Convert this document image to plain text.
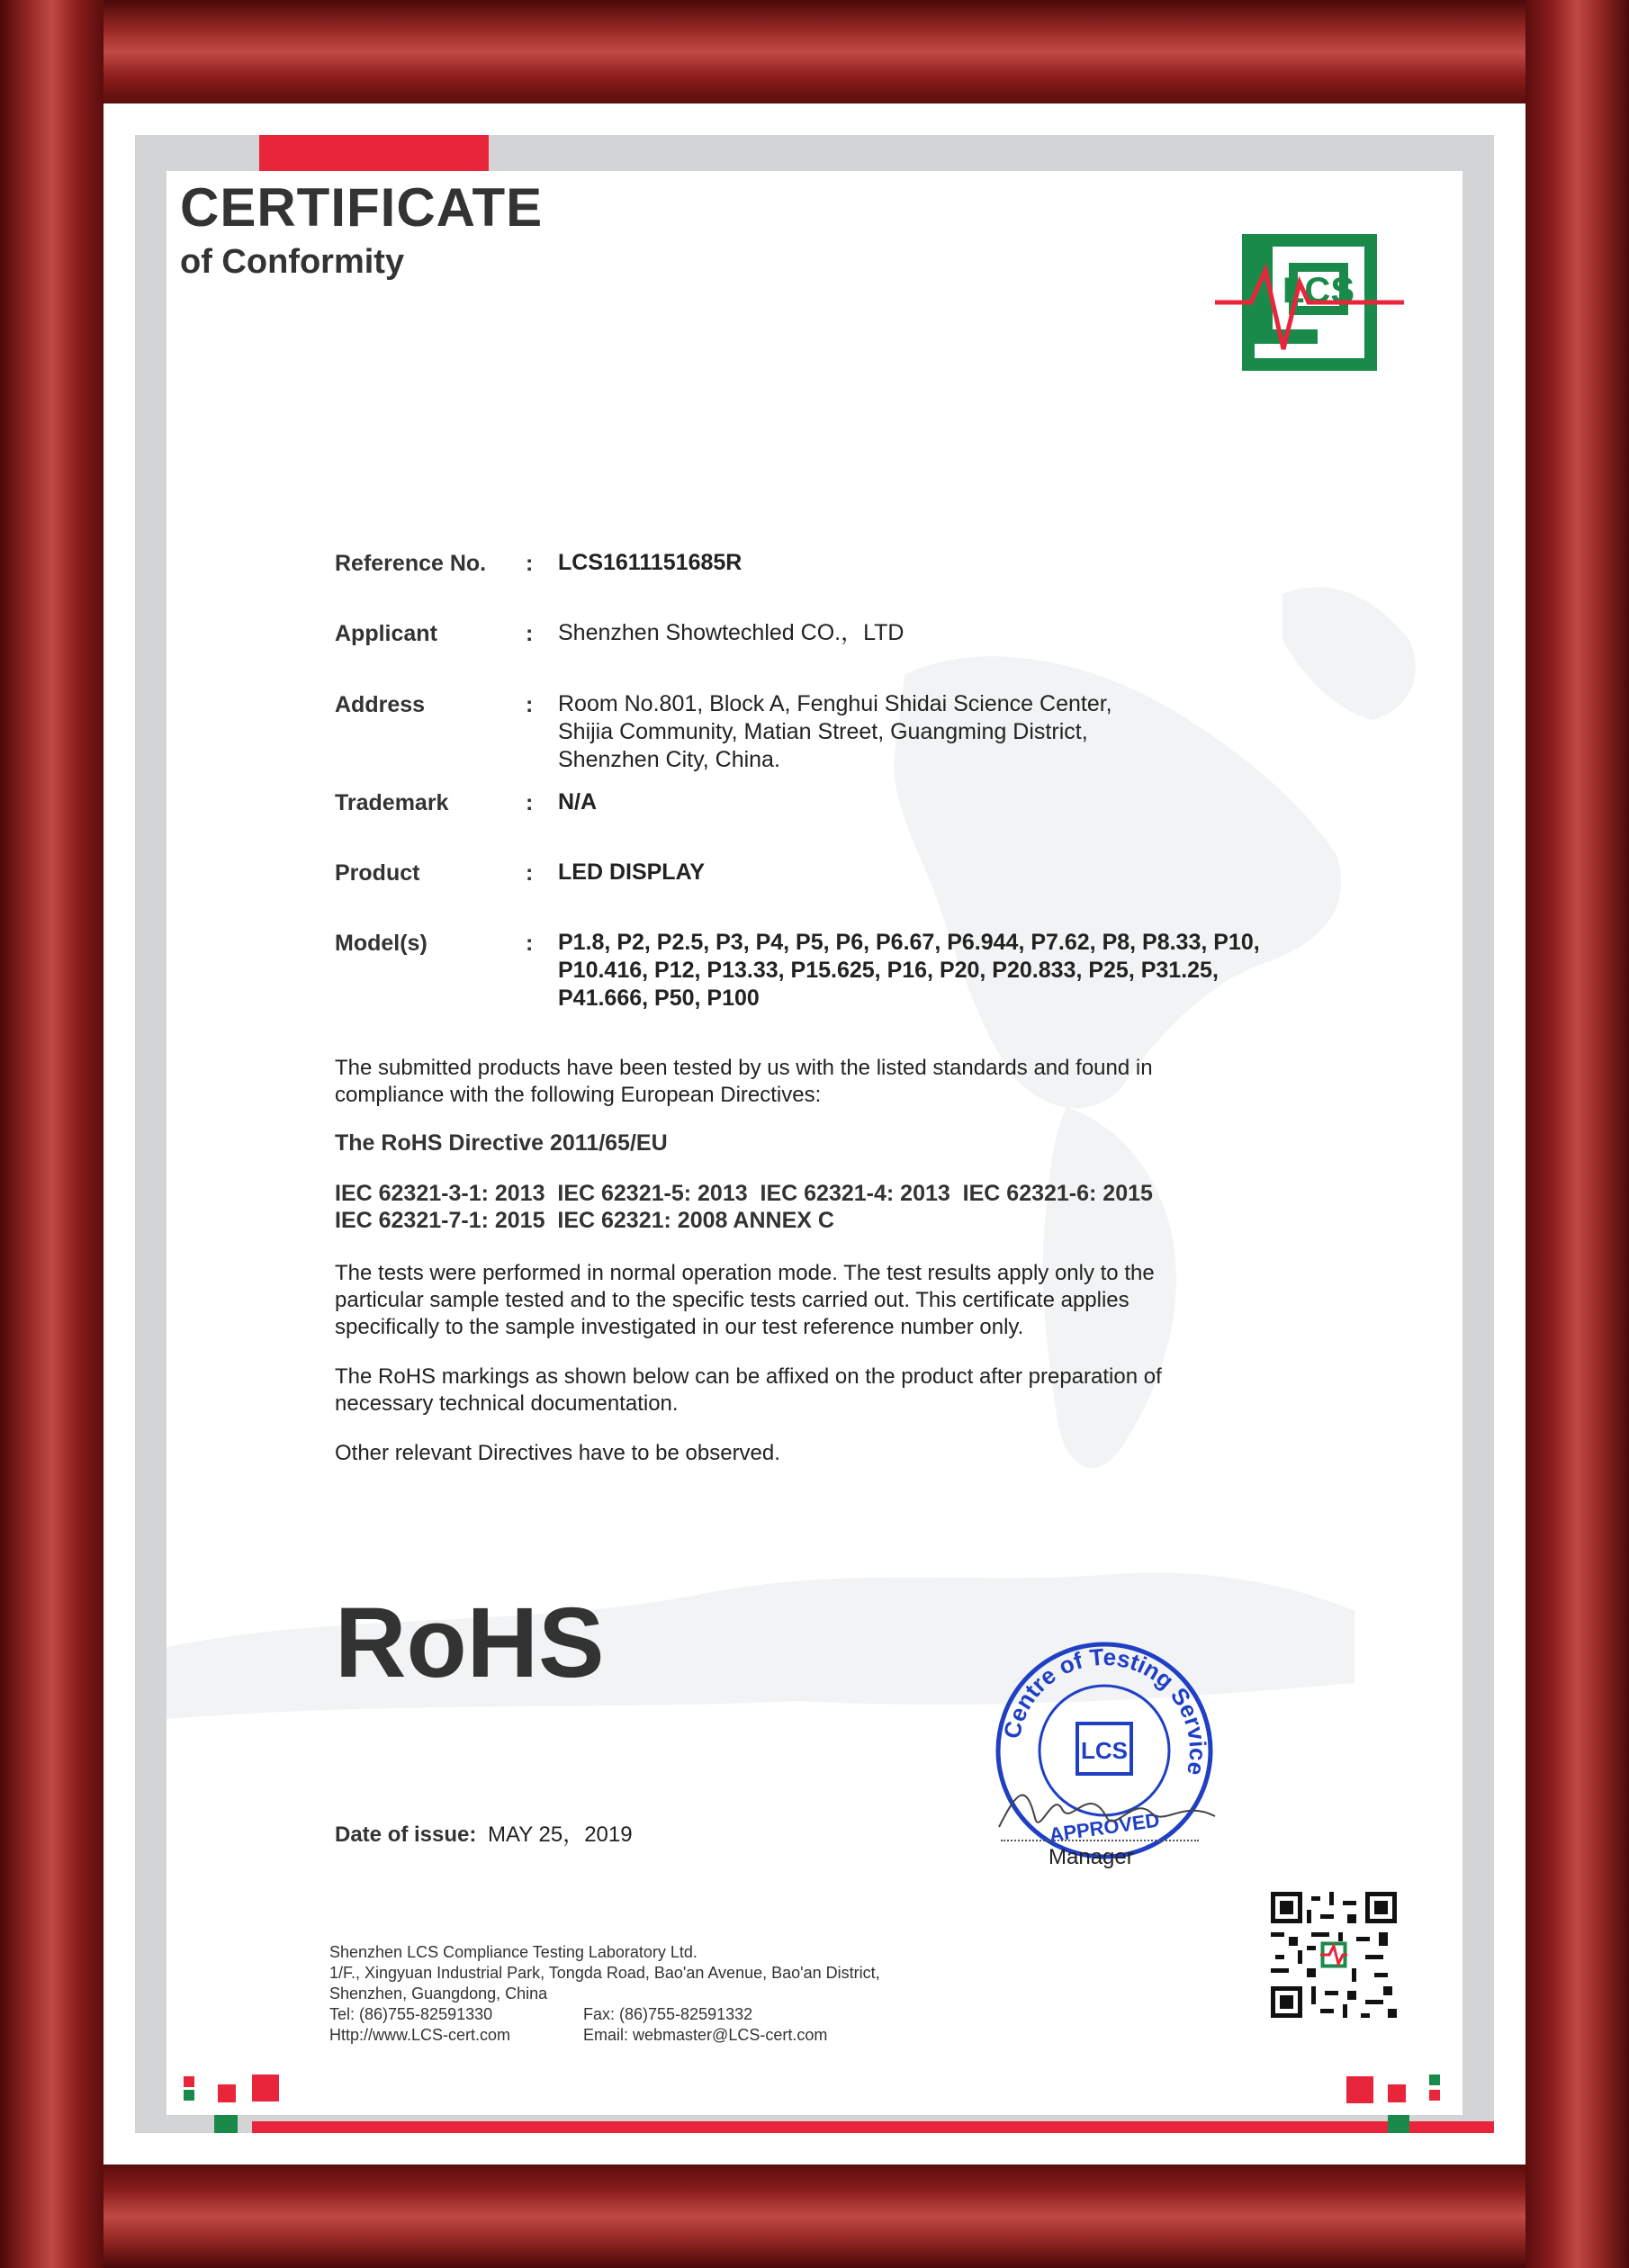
LCS
CERTIFICATE
of Conformity
Reference No. : LCS1611151685R
Applicant	: Shenzhen Showtechled CO.，LTD
Address	: Room No.801, Block A, Fenghui Shidai Science Center,
Shijia Community, Matian Street, Guangming District,
Shenzhen City, China.
Trademark	: N/A
Product	: LED DISPLAY
Model(s)	: P1.8, P2, P2.5, P3, P4, P5, P6, P6.67, P6.944, P7.62, P8, P8.33, P10,
P10.416, P12, P13.33, P15.625, P16, P20, P20.833, P25, P31.25,
P41.666, P50, P100
The submitted products have been tested by us with the listed standards and found in
compliance with the following European Directives:
The RoHS Directive 2011/65/EU
IEC 62321-3-1: 2013  IEC 62321-5: 2013  IEC 62321-4: 2013  IEC 62321-6: 2015
IEC 62321-7-1: 2015  IEC 62321: 2008 ANNEX C
The tests were performed in normal operation mode. The test results apply only to the
particular sample tested and to the specific tests carried out. This certificate applies
specifically to the sample investigated in our test reference number only.
The RoHS markings as shown below can be affixed on the product after preparation of
necessary technical documentation.
Other relevant Directives have to be observed.
RoHS
Date of issue: MAY 25，2019
Centre of Testing Service
LCS
APPROVED
Manager
Shenzhen LCS Compliance Testing Laboratory Ltd.
1/F., Xingyuan Industrial Park, Tongda Road, Bao'an Avenue, Bao'an District,
Shenzhen, Guangdong, China
Tel: (86)755-82591330	Fax: (86)755-82591332
Http://www.LCS-cert.com	Email: webmaster@LCS-cert.com
